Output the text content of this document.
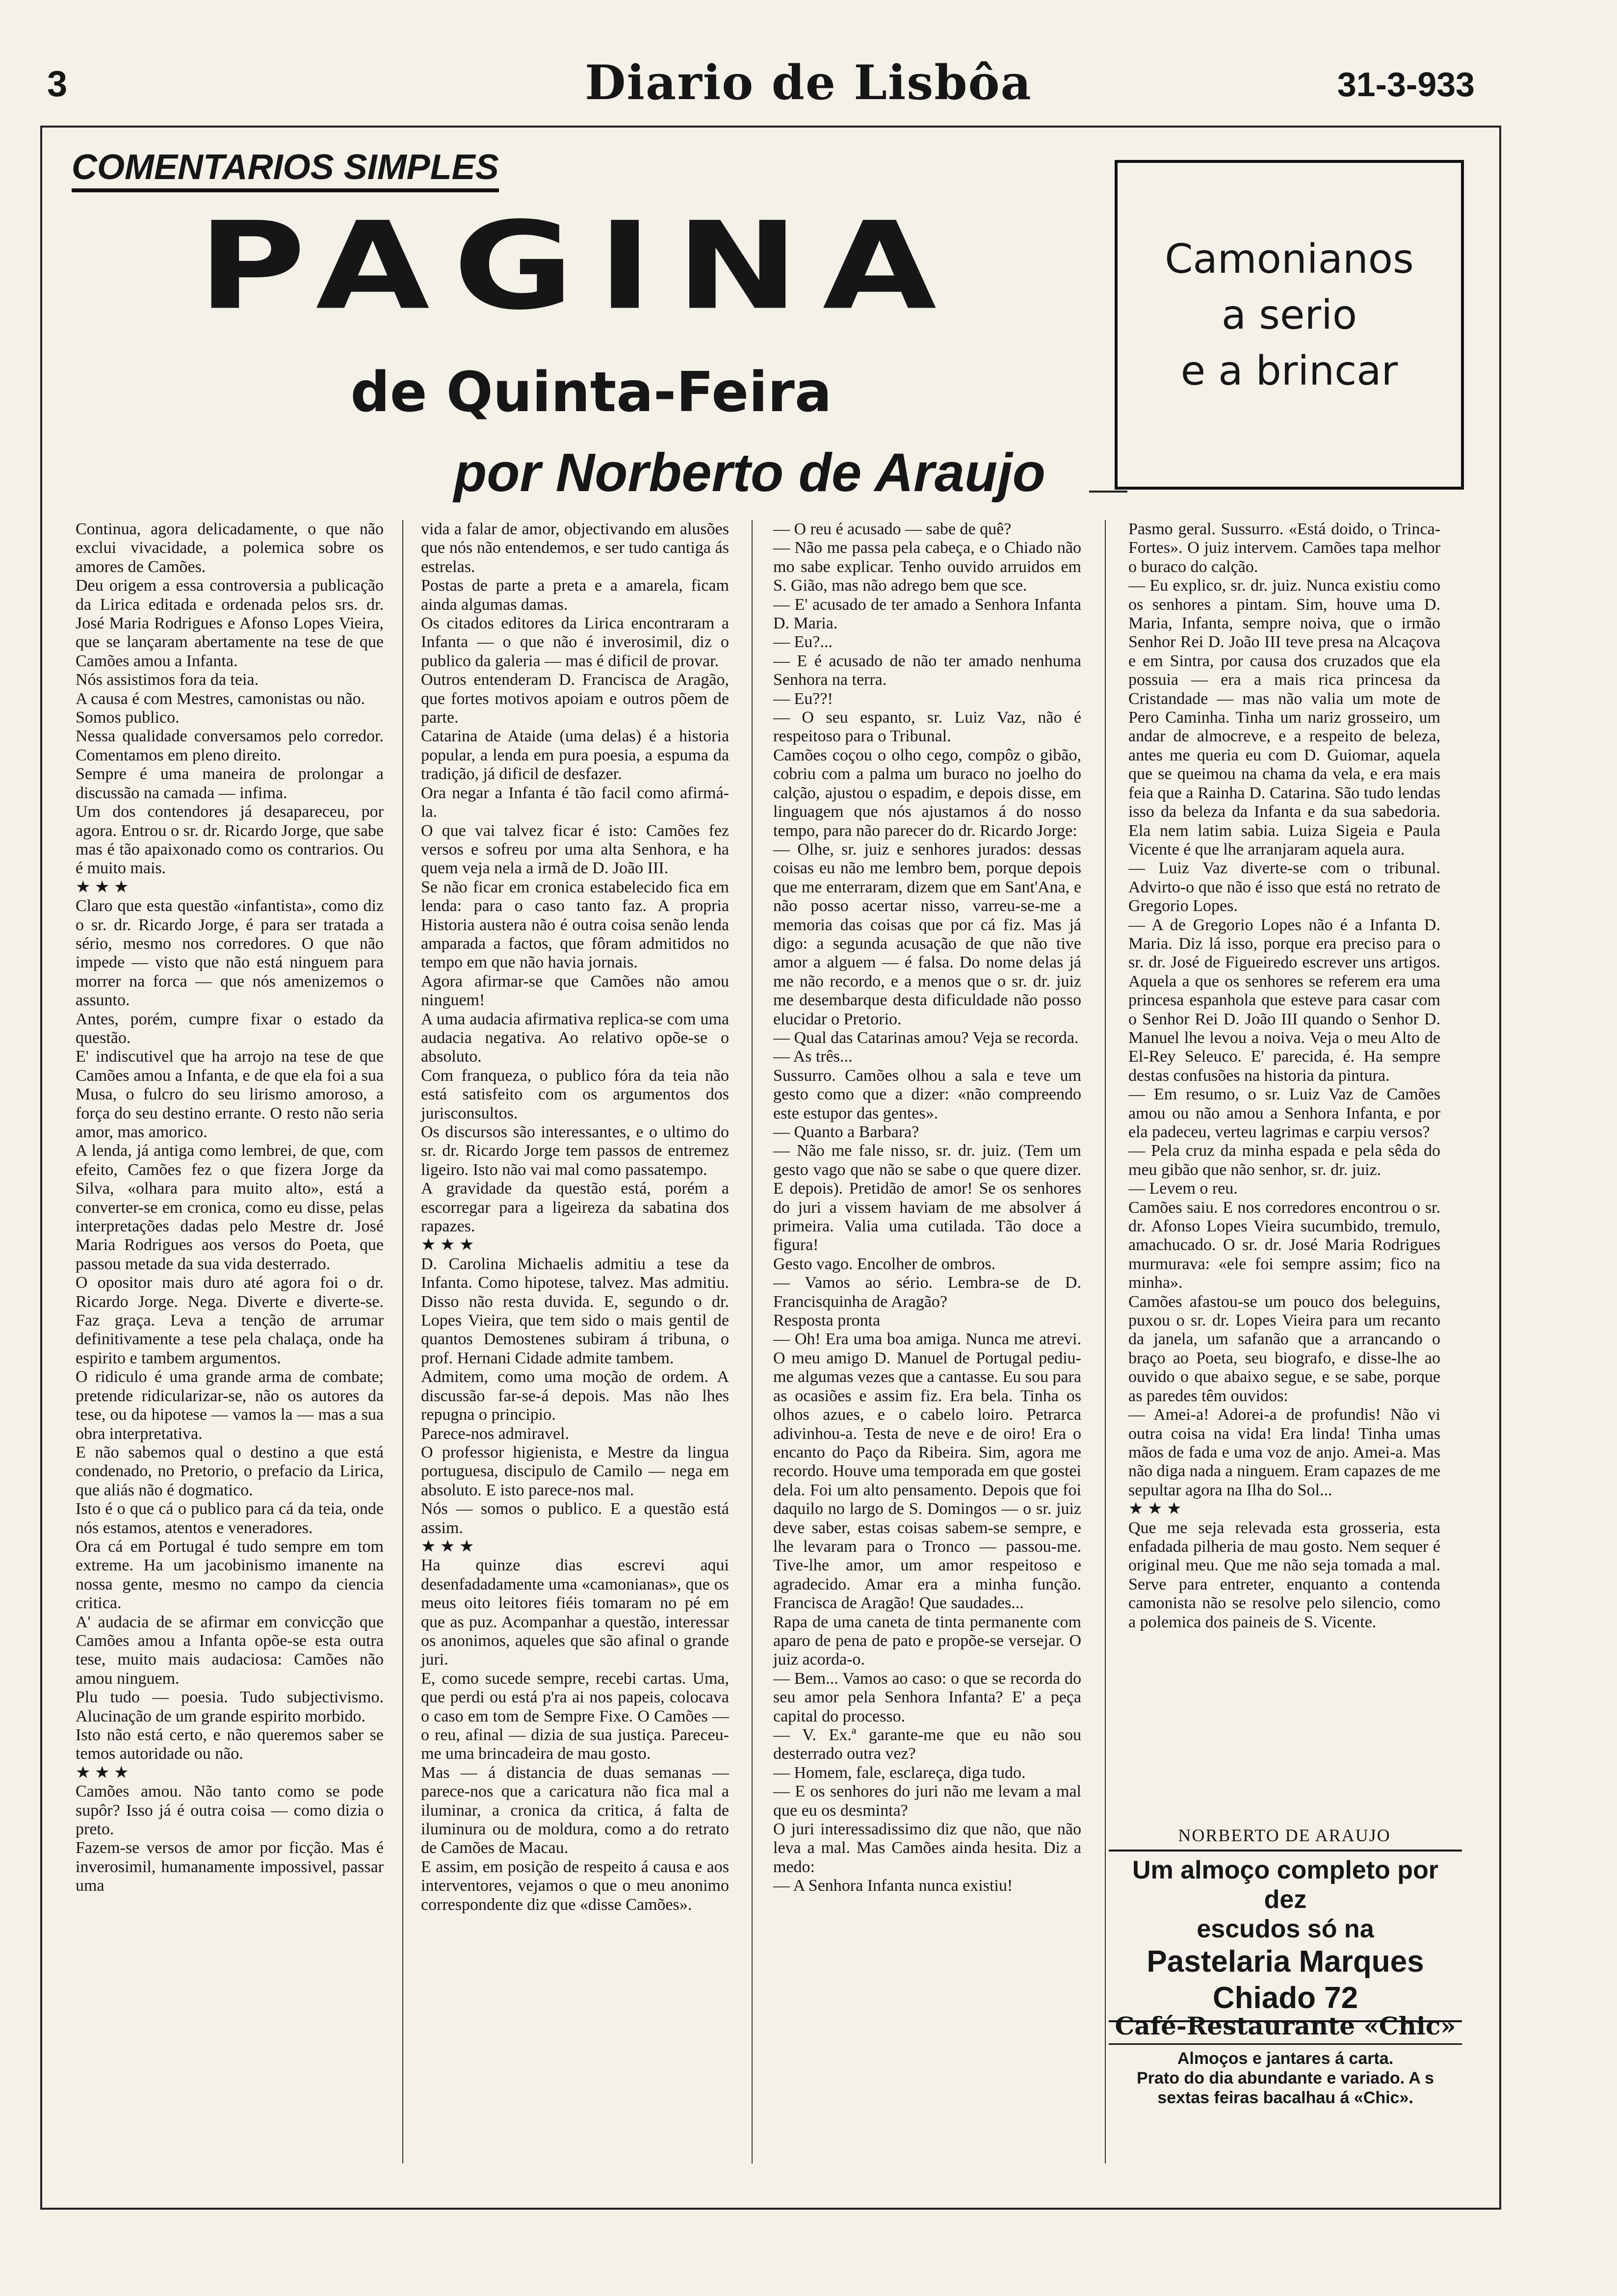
3	Diario de Lisbôa	31-3-933
COMENTARIOS SIMPLES
PAGINA
de Quinta-Feira
por Norberto de Araujo
Camonianos
a serio
e a brincar
Continua, agora delicadamente, o que não exclui vivacidade, a polemica sobre os amores de Camões.
Deu origem a essa controversia a publicação da Lirica editada e ordenada pelos srs. dr. José Maria Rodrigues e Afonso Lopes Vieira, que se lançaram abertamente na tese de que Camões amou a Infanta.
Nós assistimos fora da teia.
A causa é com Mestres, camonistas ou não.
Somos publico.
Nessa qualidade conversamos pelo corredor. Comentamos em pleno direito.
Sempre é uma maneira de prolongar a discussão na camada — infima.
Um dos contendores já desapareceu, por agora. Entrou o sr. dr. Ricardo Jorge, que sabe mas é tão apaixonado como os contrarios. Ou é muito mais.
★ ★ ★
Claro que esta questão «infantista», como diz o sr. dr. Ricardo Jorge, é para ser tratada a sério, mesmo nos corredores. O que não impede — visto que não está ninguem para morrer na forca — que nós amenizemos o assunto.
Antes, porém, cumpre fixar o estado da questão.
E' indiscutivel que ha arrojo na tese de que Camões amou a Infanta, e de que ela foi a sua Musa, o fulcro do seu lirismo amoroso, a força do seu destino errante. O resto não seria amor, mas amorico.
A lenda, já antiga como lembrei, de que, com efeito, Camões fez o que fizera Jorge da Silva, «olhara para muito alto», está a converter-se em cronica, como eu disse, pelas interpretações dadas pelo Mestre dr. José Maria Rodrigues aos versos do Poeta, que passou metade da sua vida desterrado.
O opositor mais duro até agora foi o dr. Ricardo Jorge. Nega. Diverte e diverte-se. Faz graça. Leva a tenção de arrumar definitivamente a tese pela chalaça, onde ha espirito e tambem argumentos.
O ridiculo é uma grande arma de combate; pretende ridicularizar-se, não os autores da tese, ou da hipotese — vamos la — mas a sua obra interpretativa.
E não sabemos qual o destino a que está condenado, no Pretorio, o prefacio da Lirica, que aliás não é dogmatico.
Isto é o que cá o publico para cá da teia, onde nós estamos, atentos e veneradores.
Ora cá em Portugal é tudo sempre em tom extreme. Ha um jacobinismo imanente na nossa gente, mesmo no campo da ciencia critica.
A' audacia de se afirmar em convicção que Camões amou a Infanta opõe-se esta outra tese, muito mais audaciosa: Camões não amou ninguem.
Plu tudo — poesia. Tudo subjectivismo. Alucinação de um grande espirito morbido.
Isto não está certo, e não queremos saber se temos autoridade ou não.
★ ★ ★
Camões amou. Não tanto como se pode supôr? Isso já é outra coisa — como dizia o preto.
Fazem-se versos de amor por ficção. Mas é inverosimil, humanamente impossivel, passar uma
vida a falar de amor, objectivando em alusões que nós não entendemos, e ser tudo cantiga ás estrelas.
Postas de parte a preta e a amarela, ficam ainda algumas damas.
Os citados editores da Lirica encontraram a Infanta — o que não é inverosimil, diz o publico da galeria — mas é dificil de provar.
Outros entenderam D. Francisca de Aragão, que fortes motivos apoiam e outros põem de parte.
Catarina de Ataide (uma delas) é a historia popular, a lenda em pura poesia, a espuma da tradição, já dificil de desfazer.
Ora negar a Infanta é tão facil como afirmá-la.
O que vai talvez ficar é isto: Camões fez versos e sofreu por uma alta Senhora, e ha quem veja nela a irmã de D. João III.
Se não ficar em cronica estabelecido fica em lenda: para o caso tanto faz. A propria Historia austera não é outra coisa senão lenda amparada a factos, que fôram admitidos no tempo em que não havia jornais.
Agora afirmar-se que Camões não amou ninguem!
A uma audacia afirmativa replica-se com uma audacia negativa. Ao relativo opõe-se o absoluto.
Com franqueza, o publico fóra da teia não está satisfeito com os argumentos dos jurisconsultos.
Os discursos são interessantes, e o ultimo do sr. dr. Ricardo Jorge tem passos de entremez ligeiro. Isto não vai mal como passatempo.
A gravidade da questão está, porém a escorregar para a ligeireza da sabatina dos rapazes.
★ ★ ★
D. Carolina Michaelis admitiu a tese da Infanta. Como hipotese, talvez. Mas admitiu. Disso não resta duvida. E, segundo o dr. Lopes Vieira, que tem sido o mais gentil de quantos Demostenes subiram á tribuna, o prof. Hernani Cidade admite tambem.
Admitem, como uma moção de ordem. A discussão far-se-á depois. Mas não lhes repugna o principio.
Parece-nos admiravel.
O professor higienista, e Mestre da lingua portuguesa, discipulo de Camilo — nega em absoluto. E isto parece-nos mal.
Nós — somos o publico. E a questão está assim.
★ ★ ★
Ha quinze dias escrevi aqui desenfadadamente uma «camonianas», que os meus oito leitores fiéis tomaram no pé em que as puz. Acompanhar a questão, interessar os anonimos, aqueles que são afinal o grande juri.
E, como sucede sempre, recebi cartas. Uma, que perdi ou está p'ra ai nos papeis, colocava o caso em tom de Sempre Fixe. O Camões — o reu, afinal — dizia de sua justiça. Pareceu-me uma brincadeira de mau gosto.
Mas — á distancia de duas semanas — parece-nos que a caricatura não fica mal a iluminar, a cronica da critica, á falta de iluminura ou de moldura, como a do retrato de Camões de Macau.
E assim, em posição de respeito á causa e aos interventores, vejamos o que o meu anonimo correspondente diz que «disse Camões».
— O reu é acusado — sabe de quê?
— Não me passa pela cabeça, e o Chiado não mo sabe explicar. Tenho ouvido arruidos em S. Gião, mas não adrego bem que sce.
— E' acusado de ter amado a Senhora Infanta D. Maria.
— Eu?...
— E é acusado de não ter amado nenhuma Senhora na terra.
— Eu??!
— O seu espanto, sr. Luiz Vaz, não é respeitoso para o Tribunal.
Camões coçou o olho cego, compôz o gibão, cobriu com a palma um buraco no joelho do calção, ajustou o espadim, e depois disse, em linguagem que nós ajustamos á do nosso tempo, para não parecer do dr. Ricardo Jorge:
— Olhe, sr. juiz e senhores jurados: dessas coisas eu não me lembro bem, porque depois que me enterraram, dizem que em Sant'Ana, e não posso acertar nisso, varreu-se-me a memoria das coisas que por cá fiz. Mas já digo: a segunda acusação de que não tive amor a alguem — é falsa. Do nome delas já me não recordo, e a menos que o sr. dr. juiz me desembarque desta dificuldade não posso elucidar o Pretorio.
— Qual das Catarinas amou? Veja se recorda.
— As três...
Sussurro. Camões olhou a sala e teve um gesto como que a dizer: «não compreendo este estupor das gentes».
— Quanto a Barbara?
— Não me fale nisso, sr. dr. juiz. (Tem um gesto vago que não se sabe o que quere dizer. E depois). Pretidão de amor! Se os senhores do juri a vissem haviam de me absolver á primeira. Valia uma cutilada. Tão doce a figura!
Gesto vago. Encolher de ombros.
— Vamos ao sério. Lembra-se de D. Francisquinha de Aragão?
Resposta pronta
— Oh! Era uma boa amiga. Nunca me atrevi. O meu amigo D. Manuel de Portugal pediu-me algumas vezes que a cantasse. Eu sou para as ocasiões e assim fiz. Era bela. Tinha os olhos azues, e o cabelo loiro. Petrarca adivinhou-a. Testa de neve e de oiro! Era o encanto do Paço da Ribeira. Sim, agora me recordo. Houve uma temporada em que gostei dela. Foi um alto pensamento. Depois que foi daquilo no largo de S. Domingos — o sr. juiz deve saber, estas coisas sabem-se sempre, e lhe levaram para o Tronco — passou-me. Tive-lhe amor, um amor respeitoso e agradecido. Amar era a minha função. Francisca de Aragão! Que saudades...
Rapa de uma caneta de tinta permanente com aparo de pena de pato e propõe-se versejar. O juiz acorda-o.
— Bem... Vamos ao caso: o que se recorda do seu amor pela Senhora Infanta? E' a peça capital do processo.
— V. Ex.ª garante-me que eu não sou desterrado outra vez?
— Homem, fale, esclareça, diga tudo.
— E os senhores do juri não me levam a mal que eu os desminta?
O juri interessadissimo diz que não, que não leva a mal. Mas Camões ainda hesita. Diz a medo:
— A Senhora Infanta nunca existiu!
Pasmo geral. Sussurro. «Está doido, o Trinca-Fortes». O juiz intervem. Camões tapa melhor o buraco do calção.
— Eu explico, sr. dr. juiz. Nunca existiu como os senhores a pintam. Sim, houve uma D. Maria, Infanta, sempre noiva, que o irmão Senhor Rei D. João III teve presa na Alcaçova e em Sintra, por causa dos cruzados que ela possuia — era a mais rica princesa da Cristandade — mas não valia um mote de Pero Caminha. Tinha um nariz grosseiro, um andar de almocreve, e a respeito de beleza, antes me queria eu com D. Guiomar, aquela que se queimou na chama da vela, e era mais feia que a Rainha D. Catarina. São tudo lendas isso da beleza da Infanta e da sua sabedoria. Ela nem latim sabia. Luiza Sigeia e Paula Vicente é que lhe arranjaram aquela aura.
— Luiz Vaz diverte-se com o tribunal. Advirto-o que não é isso que está no retrato de Gregorio Lopes.
— A de Gregorio Lopes não é a Infanta D. Maria. Diz lá isso, porque era preciso para o sr. dr. José de Figueiredo escrever uns artigos. Aquela a que os senhores se referem era uma princesa espanhola que esteve para casar com o Senhor Rei D. João III quando o Senhor D. Manuel lhe levou a noiva. Veja o meu Alto de El-Rey Seleuco. E' parecida, é. Ha sempre destas confusões na historia da pintura.
— Em resumo, o sr. Luiz Vaz de Camões amou ou não amou a Senhora Infanta, e por ela padeceu, verteu lagrimas e carpiu versos?
— Pela cruz da minha espada e pela sêda do meu gibão que não senhor, sr. dr. juiz.
— Levem o reu.
Camões saiu. E nos corredores encontrou o sr. dr. Afonso Lopes Vieira sucumbido, tremulo, amachucado. O sr. dr. José Maria Rodrigues murmurava: «ele foi sempre assim; fico na minha».
Camões afastou-se um pouco dos beleguins, puxou o sr. dr. Lopes Vieira para um recanto da janela, um safanão que a arrancando o braço ao Poeta, seu biografo, e disse-lhe ao ouvido o que abaixo segue, e se sabe, porque as paredes têm ouvidos:
— Amei-a! Adorei-a de profundis! Não vi outra coisa na vida! Era linda! Tinha umas mãos de fada e uma voz de anjo. Amei-a. Mas não diga nada a ninguem. Eram capazes de me sepultar agora na Ilha do Sol...
★ ★ ★
Que me seja relevada esta grosseria, esta enfadada pilheria de mau gosto. Nem sequer é original meu. Que me não seja tomada a mal. Serve para entreter, enquanto a contenda camonista não se resolve pelo silencio, como a polemica dos paineis de S. Vicente.
NORBERTO DE ARAUJO
Um almoço completo por dez
escudos só na
Pastelaria Marques
Chiado 72
Café-Restaurante «Chic»
Almoços e jantares á carta.
Prato do dia abundante e variado. A s sextas feiras bacalhau á «Chic».
